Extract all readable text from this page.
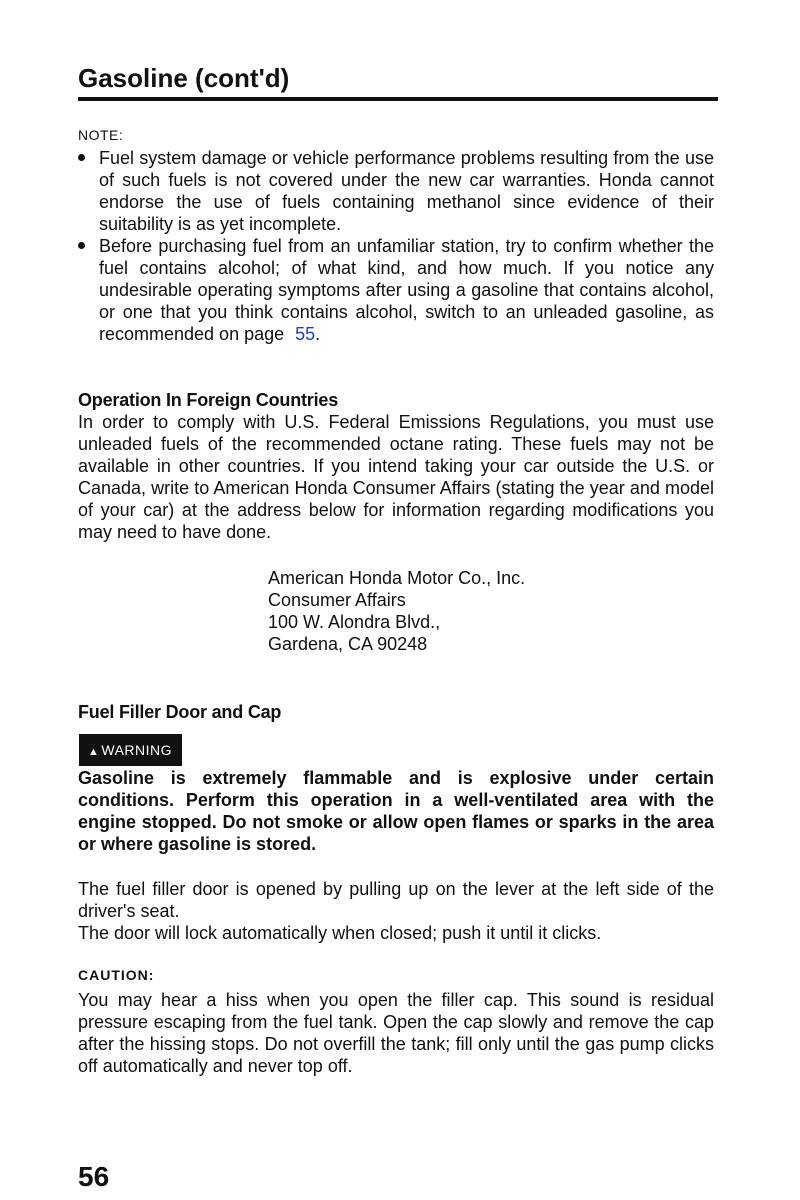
Gasoline (cont'd)
NOTE:
Fuel system damage or vehicle performance problems resulting from the use of such fuels is not covered under the new car warranties. Honda cannot endorse the use of fuels containing methanol since evidence of their suitability is as yet incomplete.
Before purchasing fuel from an unfamiliar station, try to confirm whether the fuel contains alcohol; of what kind, and how much. If you notice any undesirable operating symptoms after using a gasoline that contains alcohol, or one that you think contains alcohol, switch to an unleaded gasoline, as recommended on page 55.
Operation In Foreign Countries

In order to comply with U.S. Federal Emissions Regulations, you must use unleaded fuels of the recommended octane rating. These fuels may not be available in other countries. If you intend taking your car outside the U.S. or Canada, write to American Honda Consumer Affairs (stating the year and model of your car) at the address below for information regarding modifications you may need to have done.

American Honda Motor Co., Inc.
Consumer Affairs
100 W. Alondra Blvd.,
Gardena, CA 90248
Fuel Filler Door and Cap
▲ WARNING

Gasoline is extremely flammable and is explosive under certain conditions. Perform this operation in a well-ventilated area with the engine stopped. Do not smoke or allow open flames or sparks in the area or where gasoline is stored.

The fuel filler door is opened by pulling up on the lever at the left side of the driver's seat.

The door will lock automatically when closed; push it until it clicks.

CAUTION:

You may hear a hiss when you open the filler cap. This sound is residual pressure escaping from the fuel tank. Open the cap slowly and remove the cap after the hissing stops. Do not overfill the tank; fill only until the gas pump clicks off automatically and never top off.

56
